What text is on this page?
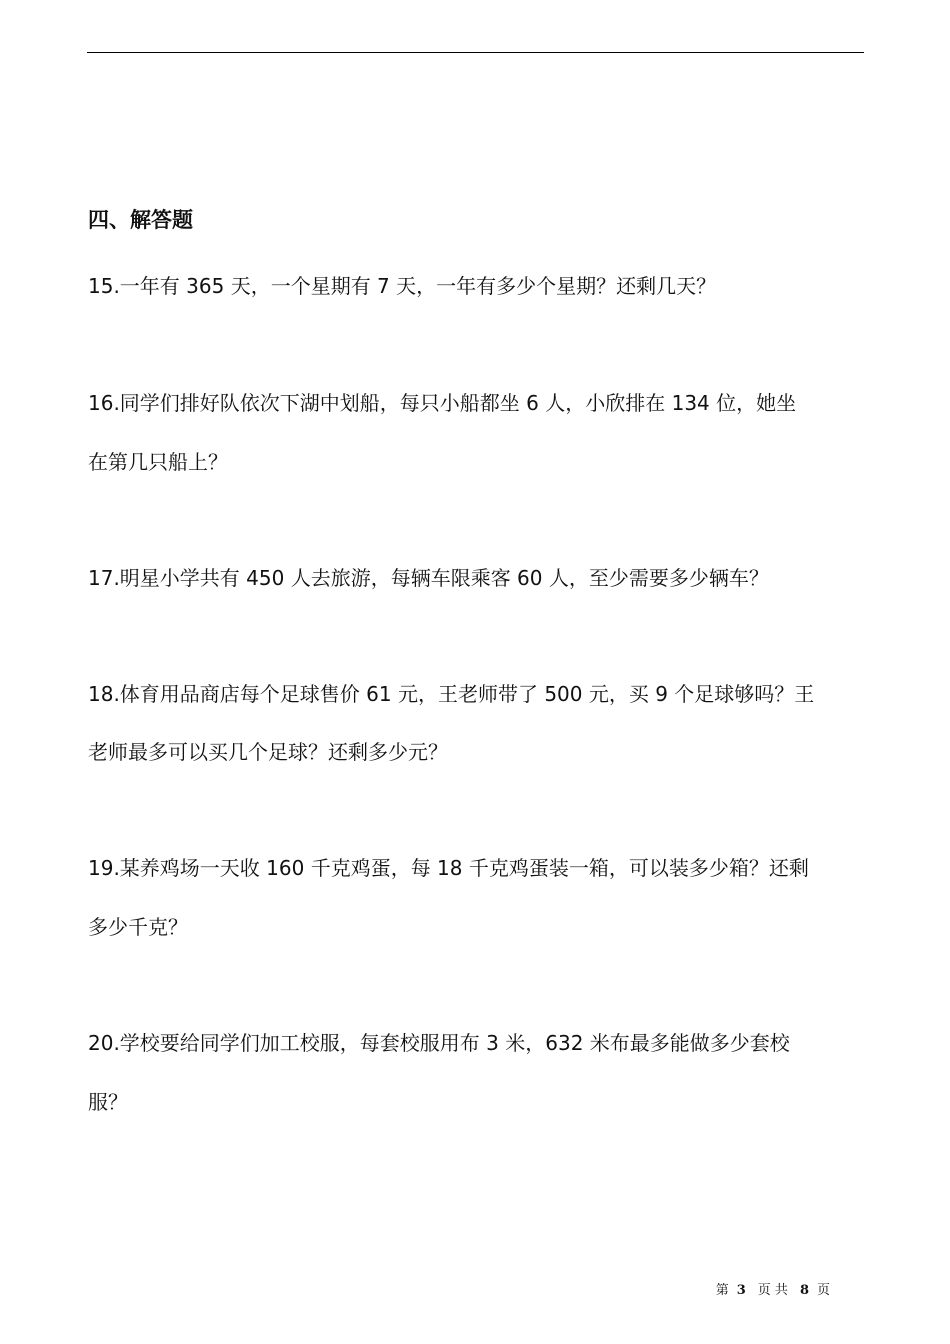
四、解答题
15.一年有 365 天，一个星期有 7 天，一年有多少个星期？还剩几天？
16.同学们排好队依次下湖中划船，每只小船都坐 6 人，小欣排在 134 位，她坐
在第几只船上？
17.明星小学共有 450 人去旅游，每辆车限乘客 60 人，至少需要多少辆车？
18.体育用品商店每个足球售价 61 元，王老师带了 500 元，买 9 个足球够吗？王
老师最多可以买几个足球？还剩多少元？
19.某养鸡场一天收 160 千克鸡蛋，每 18 千克鸡蛋装一箱，可以装多少箱？还剩
多少千克？
20.学校要给同学们加工校服，每套校服用布 3 米，632 米布最多能做多少套校
服？
第 3 页 共 8 页
